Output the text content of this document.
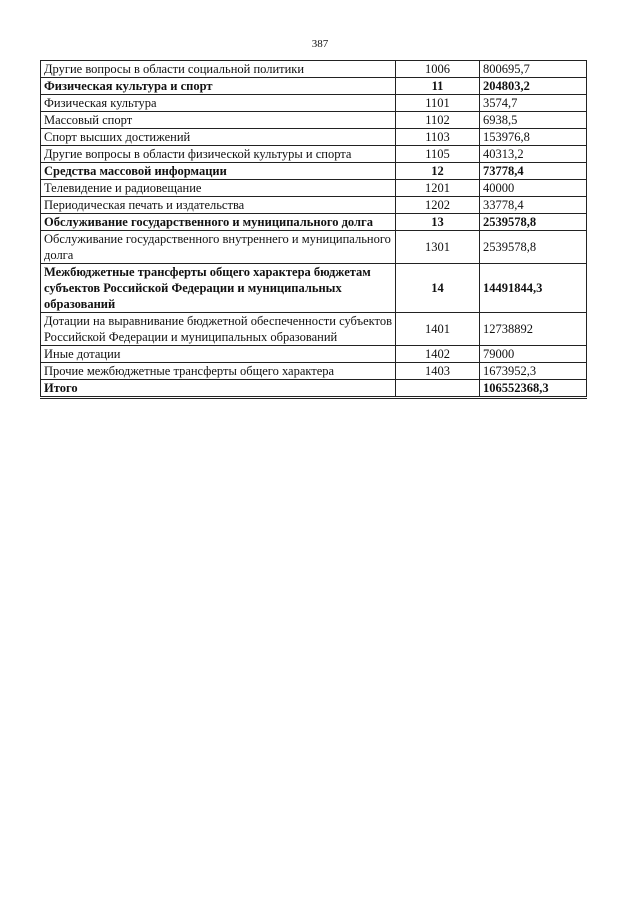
387
Другие вопросы в области социальной политики	1006	800695,7
Физическая культура и спорт	11	204803,2
Физическая культура	1101	3574,7
Массовый спорт	1102	6938,5
Спорт высших достижений	1103	153976,8
Другие вопросы в области физической культуры и спорта	1105	40313,2
Средства массовой информации	12	73778,4
Телевидение и радиовещание	1201	40000
Периодическая печать и издательства	1202	33778,4
Обслуживание государственного и муниципального долга	13	2539578,8
Обслуживание государственного внутреннего и муниципального долга	1301	2539578,8
Межбюджетные трансферты общего характера бюджетам субъектов Российской Федерации и муниципальных образований	14	14491844,3
Дотации на выравнивание бюджетной обеспеченности субъектов Российской Федерации и муниципальных образований	1401	12738892
Иные дотации	1402	79000
Прочие межбюджетные трансферты общего характера	1403	1673952,3
Итого		106552368,3
